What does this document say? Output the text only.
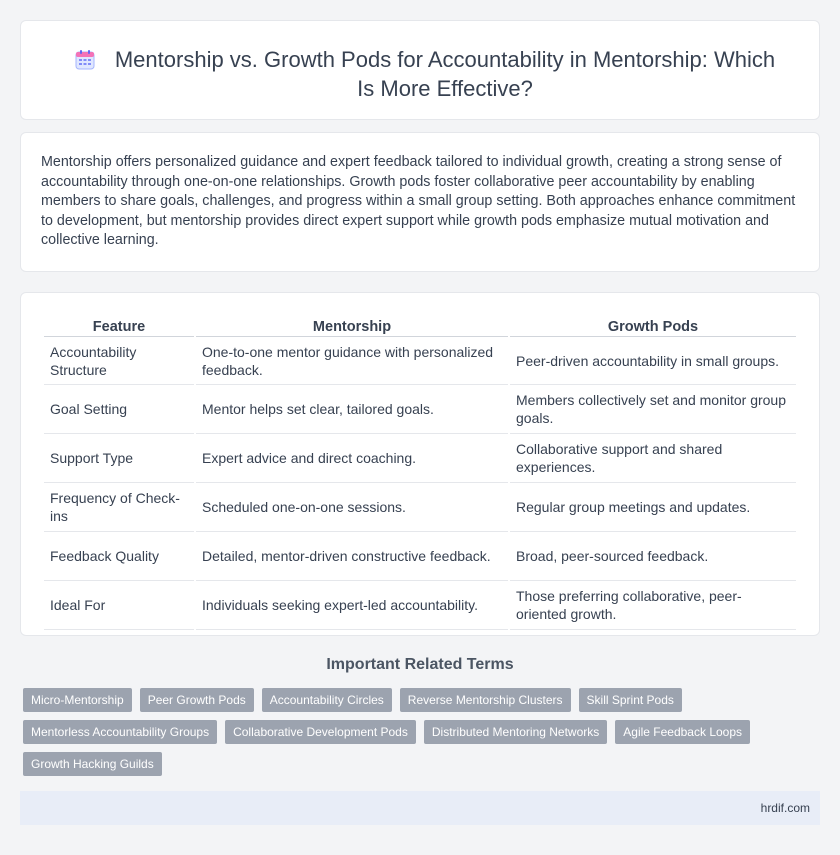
Mentorship vs. Growth Pods for Accountability in Mentorship: Which Is More Effective?

Mentorship offers personalized guidance and expert feedback tailored to individual growth, creating a strong sense of accountability through one-on-one relationships. Growth pods foster collaborative peer accountability by enabling members to share goals, challenges, and progress within a small group setting. Both approaches enhance commitment to development, but mentorship provides direct expert support while growth pods emphasize mutual motivation and collective learning.

Feature	Mentorship	Growth Pods
Accountability Structure	One-to-one mentor guidance with personalized feedback.	Peer-driven accountability in small groups.
Goal Setting	Mentor helps set clear, tailored goals.	Members collectively set and monitor group goals.
Support Type	Expert advice and direct coaching.	Collaborative support and shared experiences.
Frequency of Check-ins	Scheduled one-on-one sessions.	Regular group meetings and updates.
Feedback Quality	Detailed, mentor-driven constructive feedback.	Broad, peer-sourced feedback.
Ideal For	Individuals seeking expert-led accountability.	Those preferring collaborative, peer-oriented growth.
Important Related Terms
Micro-Mentorship	Peer Growth Pods	Accountability Circles	Reverse Mentorship Clusters	Skill Sprint Pods
Mentorless Accountability Groups	Collaborative Development Pods	Distributed Mentoring Networks	Agile Feedback Loops
Growth Hacking Guilds
hrdif.com
